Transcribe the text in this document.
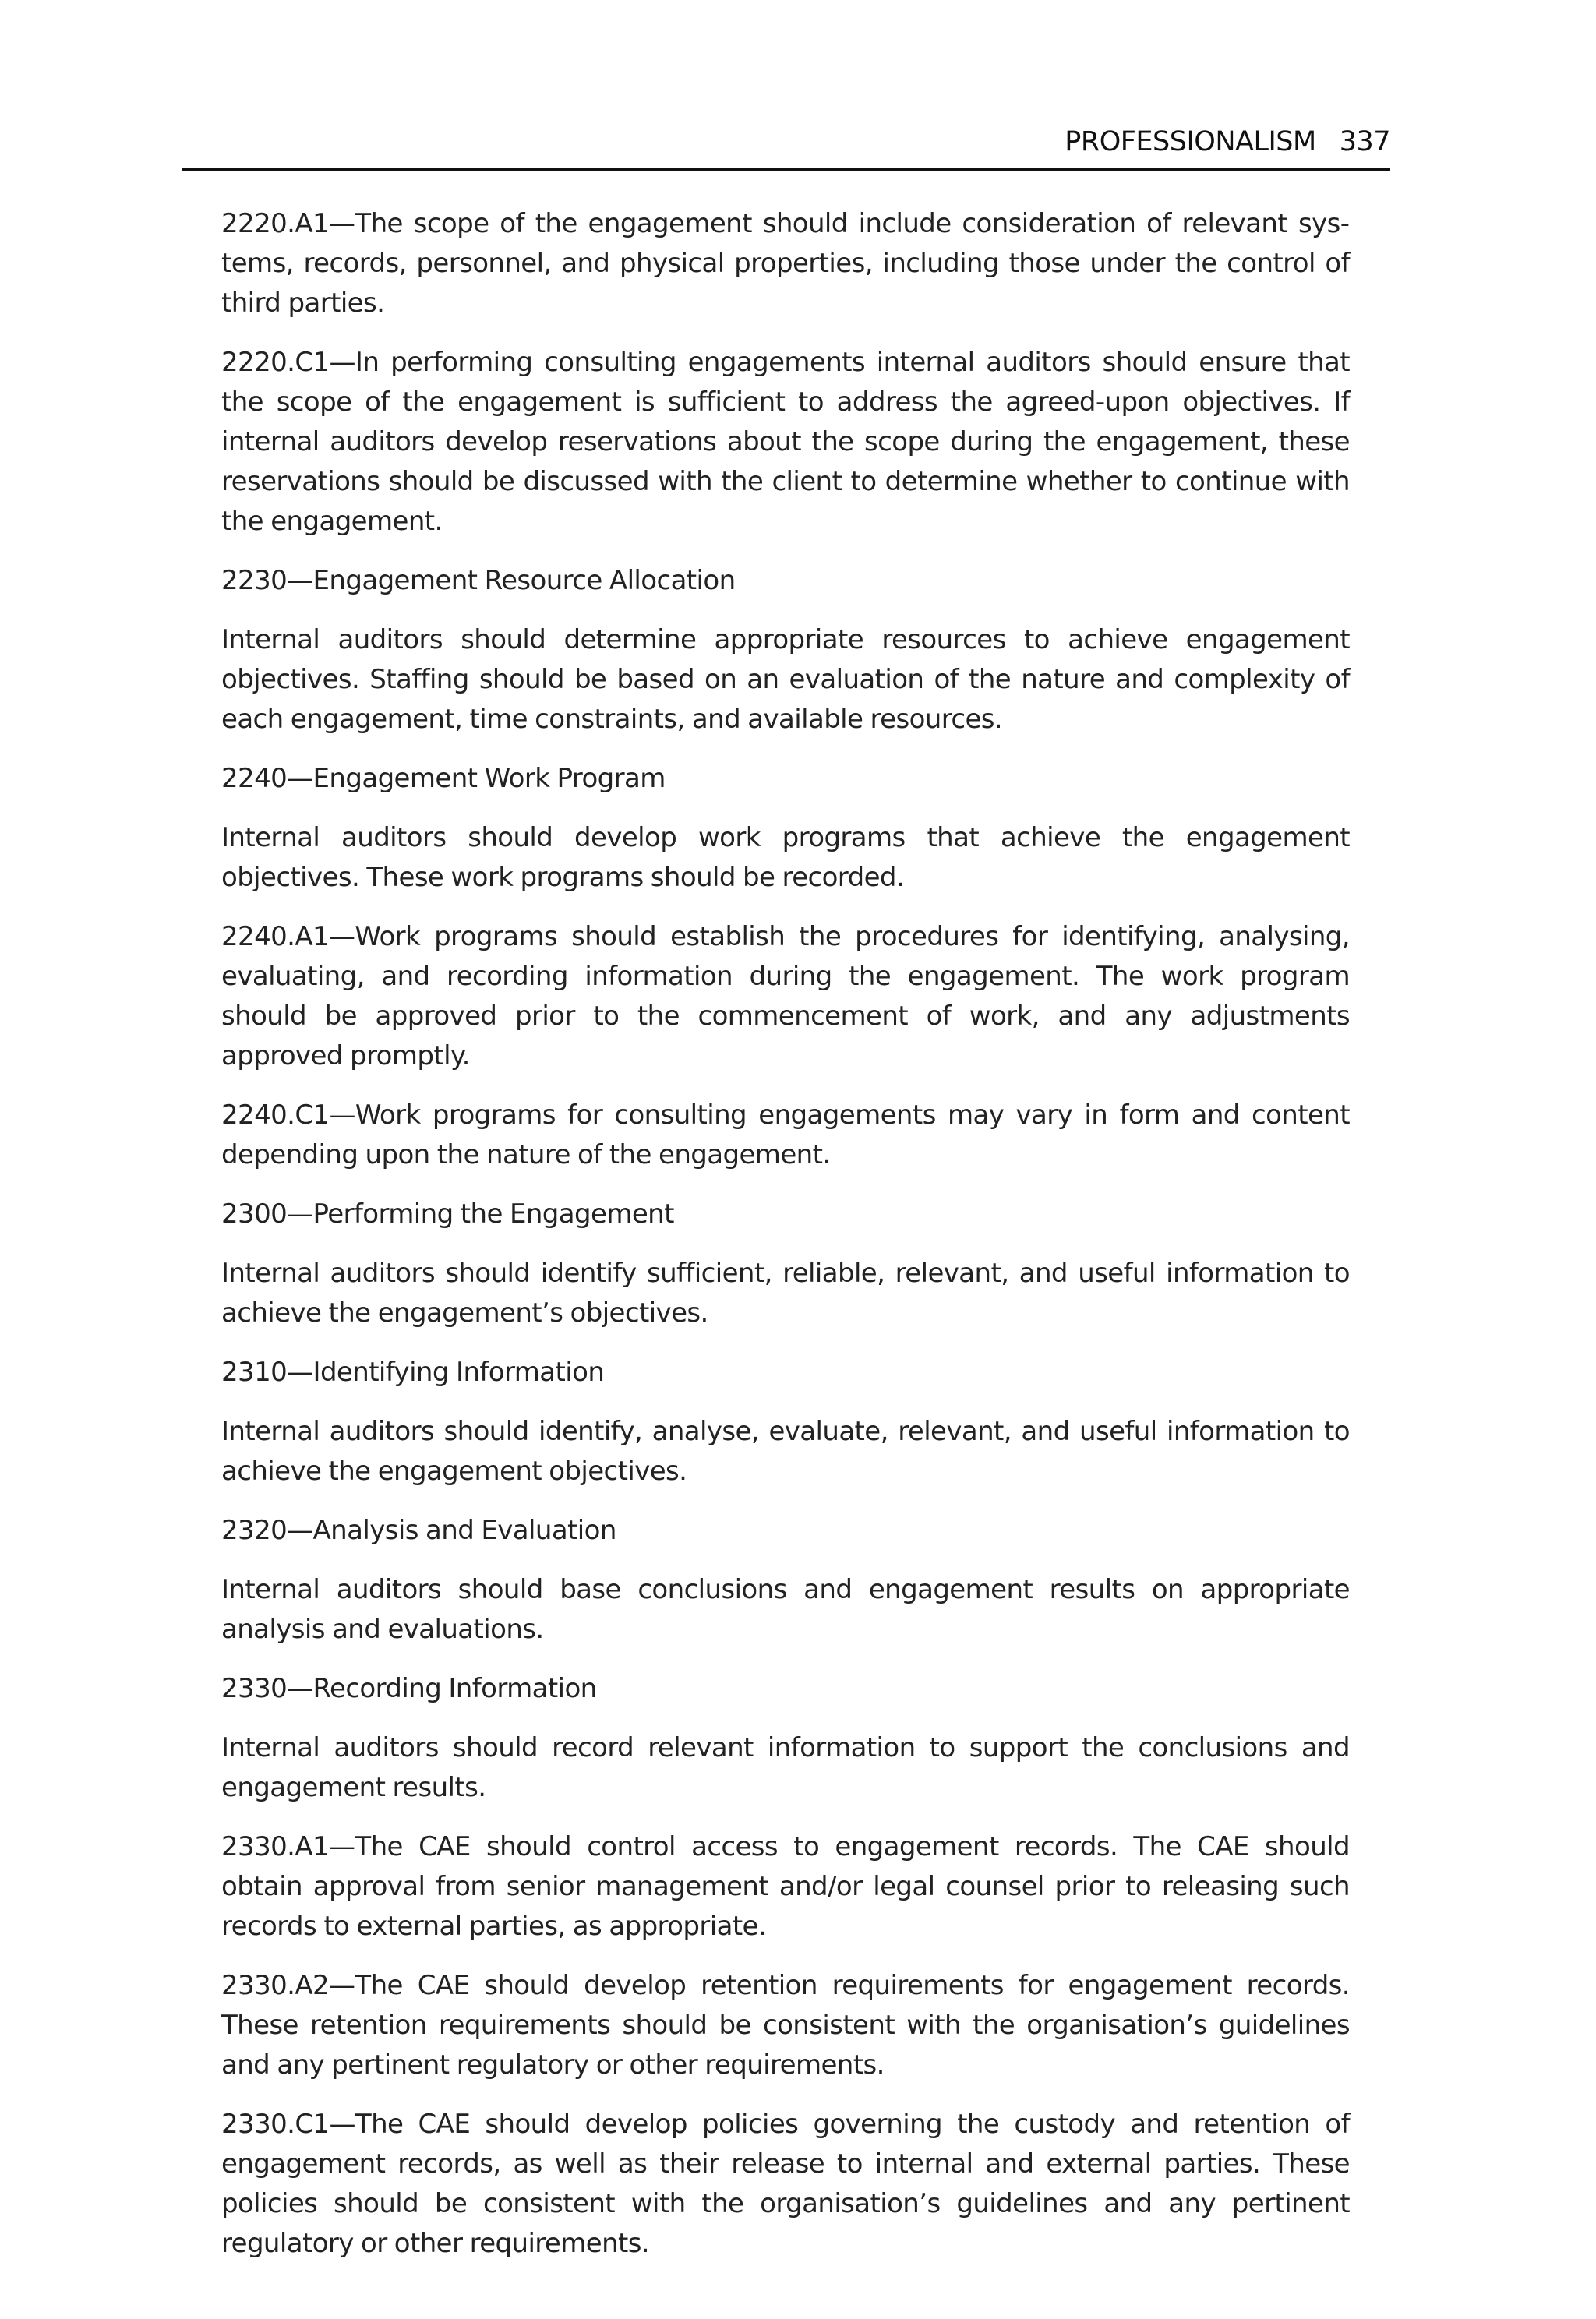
PROFESSIONALISM 337

2220.A1—The scope of the engagement should include consideration of relevant systems, records, personnel, and physical properties, including those under the control of third parties.

2220.C1—In performing consulting engagements internal auditors should ensure that the scope of the engagement is sufficient to address the agreed-upon objectives. If internal auditors develop reservations about the scope during the engagement, these reservations should be discussed with the client to determine whether to continue with the engagement.

2230—Engagement Resource Allocation

Internal auditors should determine appropriate resources to achieve engagement objectives. Staffing should be based on an evaluation of the nature and complexity of each engagement, time constraints, and available resources.

2240—Engagement Work Program

Internal auditors should develop work programs that achieve the engagement objectives. These work programs should be recorded.

2240.A1—Work programs should establish the procedures for identifying, analysing, evaluating, and recording information during the engagement. The work program should be approved prior to the commencement of work, and any adjustments approved promptly.

2240.C1—Work programs for consulting engagements may vary in form and content depending upon the nature of the engagement.

2300—Performing the Engagement

Internal auditors should identify sufficient, reliable, relevant, and useful information to achieve the engagement’s objectives.

2310—Identifying Information

Internal auditors should identify, analyse, evaluate, relevant, and useful information to achieve the engagement objectives.

2320—Analysis and Evaluation

Internal auditors should base conclusions and engagement results on appropriate analysis and evaluations.

2330—Recording Information

Internal auditors should record relevant information to support the conclusions and engagement results.

2330.A1—The CAE should control access to engagement records. The CAE should obtain approval from senior management and/or legal counsel prior to releasing such records to external parties, as appropriate.

2330.A2—The CAE should develop retention requirements for engagement records. These retention requirements should be consistent with the organisation’s guidelines and any pertinent regulatory or other requirements.

2330.C1—The CAE should develop policies governing the custody and retention of engagement records, as well as their release to internal and external parties. These policies should be consistent with the organisation’s guidelines and any pertinent regulatory or other requirements.
